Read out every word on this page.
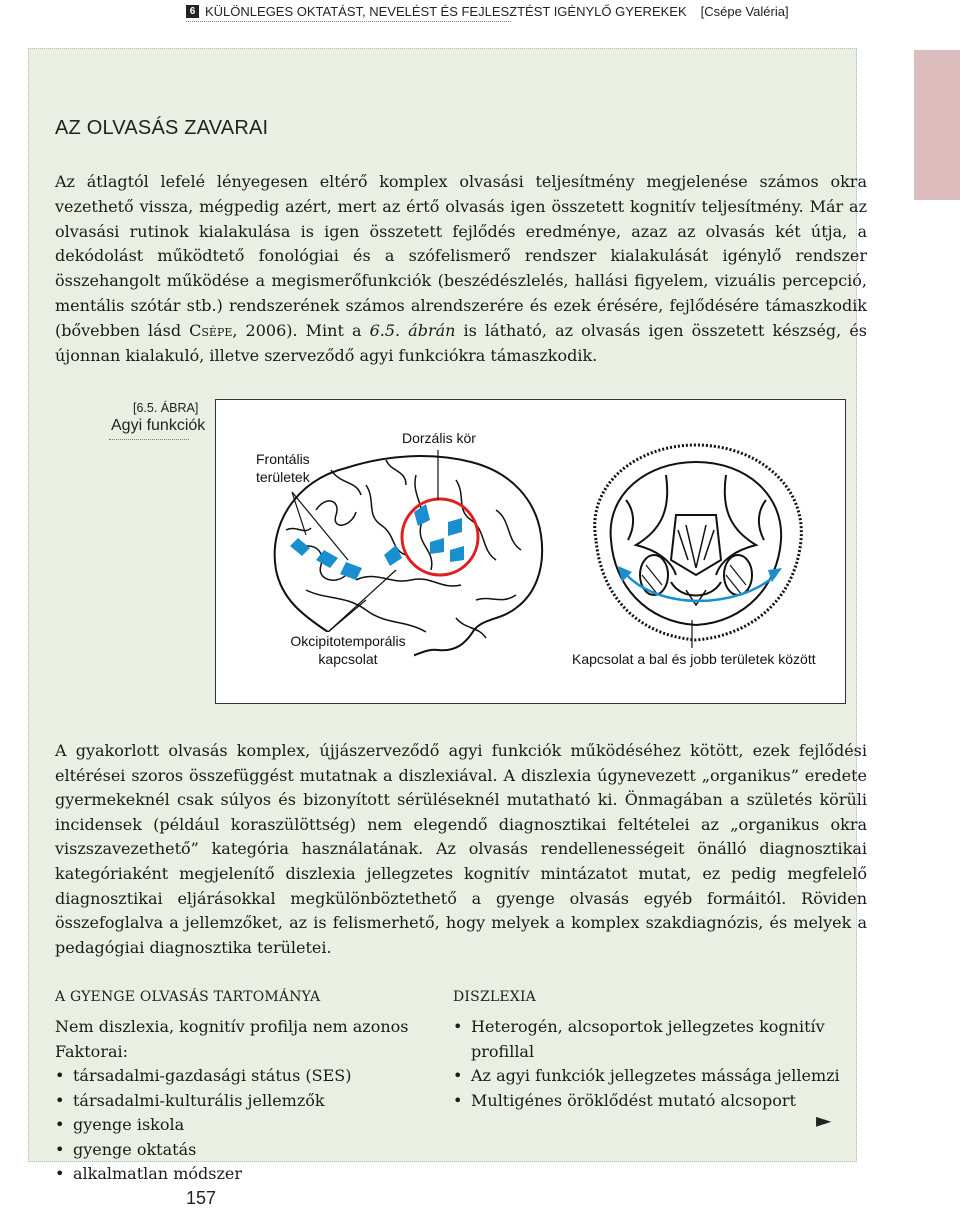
6 KÜLÖNLEGES OKTATÁST, NEVELÉST ÉS FEJLESZTÉST IGÉNYLŐ GYEREKEK [Csépe Valéria]
AZ OLVASÁS ZAVARAI

Az átlagtól lefelé lényegesen eltérő komplex olvasási teljesítmény megjelenése számos okra vezethető vissza, mégpedig azért, mert az értő olvasás igen összetett kognitív teljesítmény. Már az olvasási rutinok kialakulása is igen összetett fejlődés eredménye, azaz az olvasás két útja, a dekódolást működtető fonológiai és a szófelismerő rendszer kialakulását igénylő rendszer összehangolt működése a megismerőfunkciók (beszédészlelés, hallási figyelem, vizuális percepció, mentális szótár stb.) rendszerének számos alrendszerére és ezek érésére, fejlődésére támaszkodik (bővebben lásd Csépe, 2006). Mint a 6.5. ábrán is látható, az olvasás igen összetett készség, és újonnan kialakuló, illetve szerveződő agyi funkciókra támaszkodik.

[6.5. ÁBRA]
Agyi funkciók
Frontális
területek
Dorzális kör
Okcipitotemporális
kapcsolat	Kapcsolat a bal és jobb területek között

A gyakorlott olvasás komplex, újjászerveződő agyi funkciók működéséhez kötött, ezek fejlődési eltérései szoros összefüggést mutatnak a diszlexiával. A diszlexia úgynevezett „organikus” eredete gyermekeknél csak súlyos és bizonyított sérüléseknél mutatható ki. Önmagában a születés körüli incidensek (például koraszülöttség) nem elegendő diagnosztikai feltételei az „organikus okra viszszavezethető” kategória használatának. Az olvasás rendellenességeit önálló diagnosztikai kategóriaként megjelenítő diszlexia jellegzetes kognitív mintázatot mutat, ez pedig megfelelő diagnosztikai eljárásokkal megkülönböztethető a gyenge olvasás egyéb formáitól. Röviden összefoglalva a jellemzőket, az is felismerhető, hogy melyek a komplex szakdiagnózis, és melyek a pedagógiai diagnosztika területei.

A GYENGE OLVASÁS TARTOMÁNYA
Nem diszlexia, kognitív profilja nem azonos
Faktorai:
• társadalmi-gazdasági státus (SES)
• társadalmi-kulturális jellemzők
• gyenge iskola
• gyenge oktatás
• alkalmatlan módszer
DISZLEXIA
• Heterogén, alcsoportok jellegzetes kognitív profillal
• Az agyi funkciók jellegzetes mássága jellemzi
• Multigénes öröklődést mutató alcsoport
►
157
